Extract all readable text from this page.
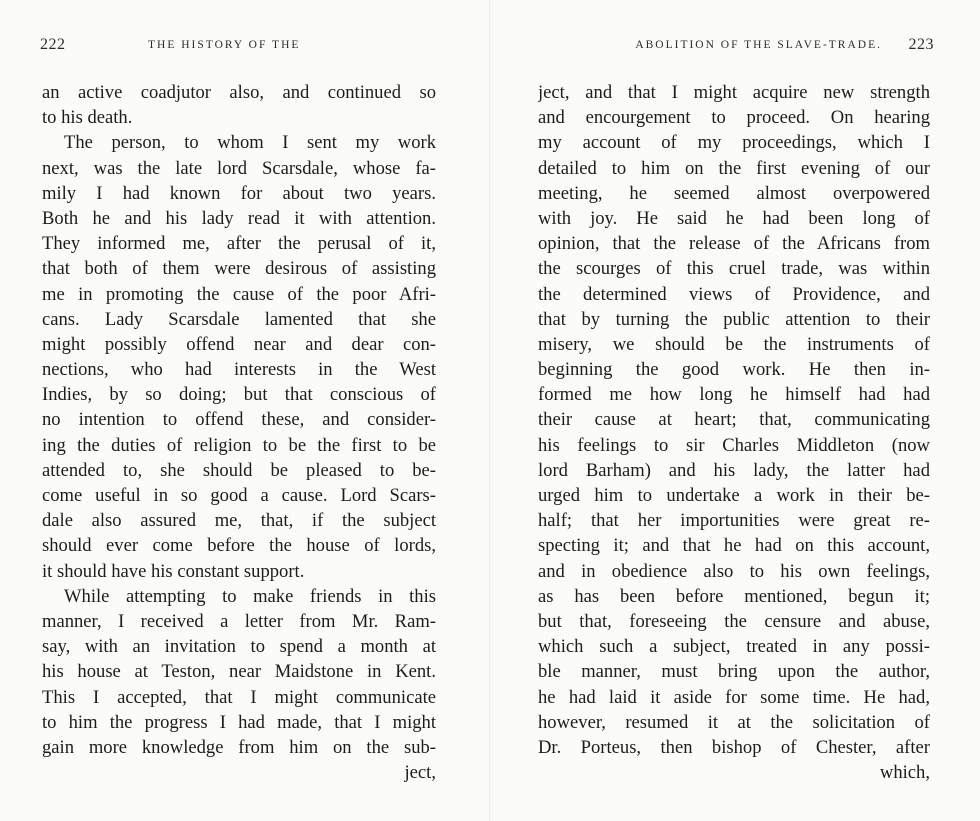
222	THE HISTORY OF THE
an active coadjutor also, and continued so
to his death.
The person, to whom I sent my work
next, was the late lord Scarsdale, whose fa-
mily I had known for about two years.
Both he and his lady read it with attention.
They informed me, after the perusal of it,
that both of them were desirous of assisting
me in promoting the cause of the poor Afri-
cans. Lady Scarsdale lamented that she
might possibly offend near and dear con-
nections, who had interests in the West
Indies, by so doing; but that conscious of
no intention to offend these, and consider-
ing the duties of religion to be the first to be
attended to, she should be pleased to be-
come useful in so good a cause. Lord Scars-
dale also assured me, that, if the subject
should ever come before the house of lords,
it should have his constant support.
While attempting to make friends in this
manner, I received a letter from Mr. Ram-
say, with an invitation to spend a month at
his house at Teston, near Maidstone in Kent.
This I accepted, that I might communicate
to him the progress I had made, that I might
gain more knowledge from him on the sub-
ject,
ABOLITION OF THE SLAVE-TRADE. 223
ject, and that I might acquire new strength
and encourgement to proceed. On hearing
my account of my proceedings, which I
detailed to him on the first evening of our
meeting, he seemed almost overpowered
with joy. He said he had been long of
opinion, that the release of the Africans from
the scourges of this cruel trade, was within
the determined views of Providence, and
that by turning the public attention to their
misery, we should be the instruments of
beginning the good work. He then in-
formed me how long he himself had had
their cause at heart; that, communicating
his feelings to sir Charles Middleton (now
lord Barham) and his lady, the latter had
urged him to undertake a work in their be-
half; that her importunities were great re-
specting it; and that he had on this account,
and in obedience also to his own feelings,
as has been before mentioned, begun it;
but that, foreseeing the censure and abuse,
which such a subject, treated in any possi-
ble manner, must bring upon the author,
he had laid it aside for some time. He had,
however, resumed it at the solicitation of
Dr. Porteus, then bishop of Chester, after
which,
